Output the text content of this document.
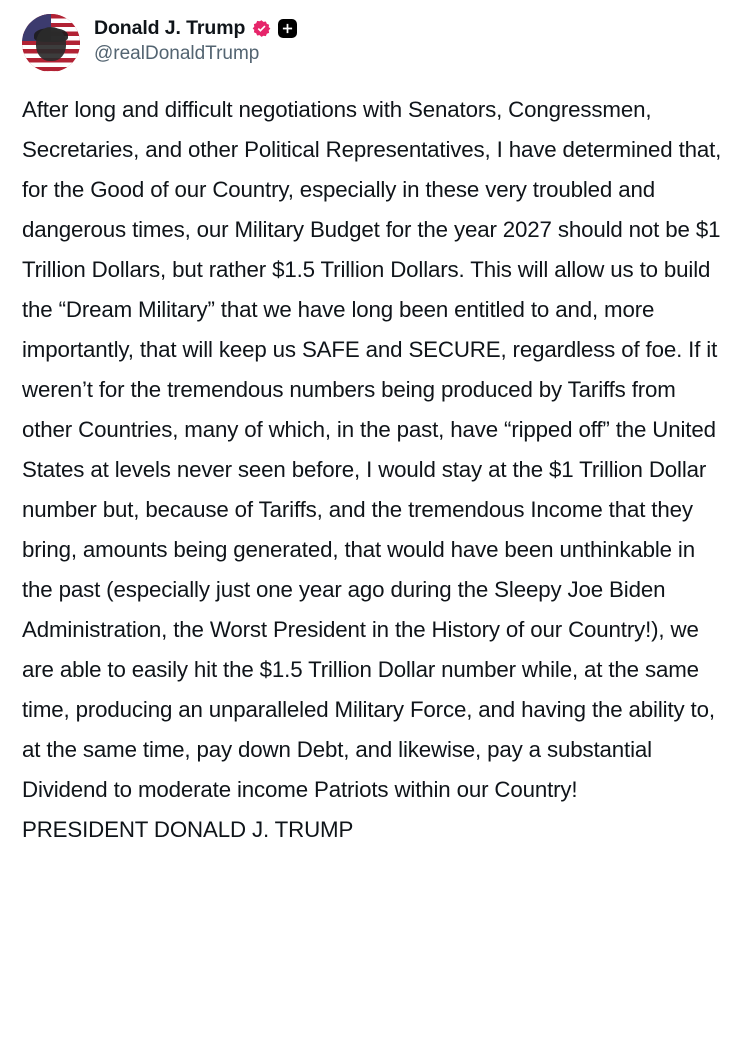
Donald J. Trump
@realDonaldTrump
After long and difficult negotiations with Senators, Congressmen, Secretaries, and other Political Representatives, I have determined that, for the Good of our Country, especially in these very troubled and dangerous times, our Military Budget for the year 2027 should not be $1 Trillion Dollars, but rather $1.5 Trillion Dollars. This will allow us to build the “Dream Military” that we have long been entitled to and, more importantly, that will keep us SAFE and SECURE, regardless of foe. If it weren’t for the tremendous numbers being produced by Tariffs from other Countries, many of which, in the past, have “ripped off” the United States at levels never seen before, I would stay at the $1 Trillion Dollar number but, because of Tariffs, and the tremendous Income that they bring, amounts being generated, that would have been unthinkable in the past (especially just one year ago during the Sleepy Joe Biden Administration, the Worst President in the History of our Country!), we are able to easily hit the $1.5 Trillion Dollar number while, at the same time, producing an unparalleled Military Force, and having the ability to, at the same time, pay down Debt, and likewise, pay a substantial Dividend to moderate income Patriots within our Country!
PRESIDENT DONALD J. TRUMP
